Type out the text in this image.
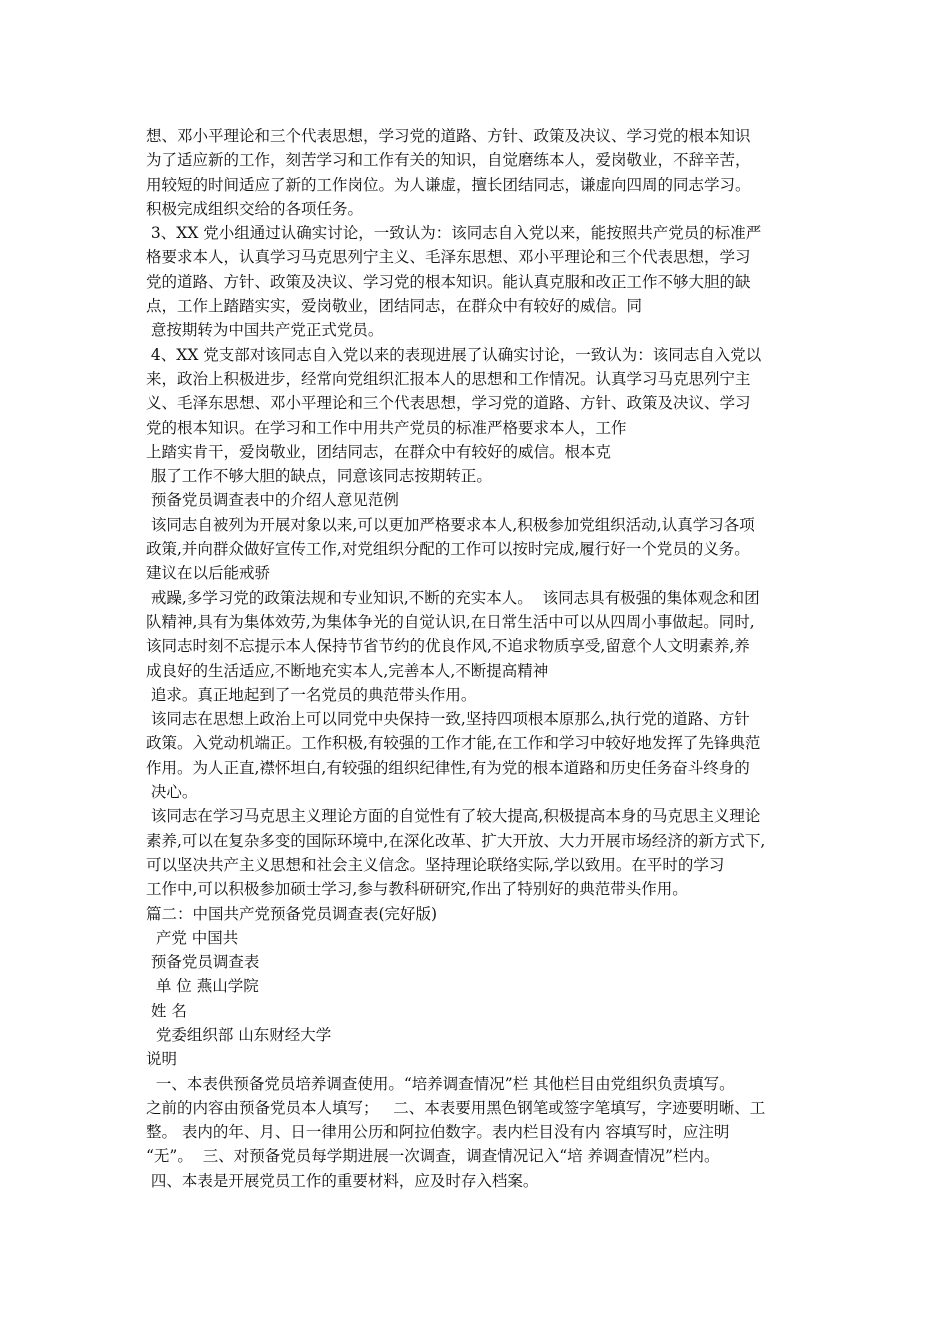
想、邓小平理论和三个代表思想，学习党的道路、方针、政策及决议、学习党的根本知识
为了适应新的工作，刻苦学习和工作有关的知识，自觉磨练本人，爱岗敬业，不辞辛苦，
用较短的时间适应了新的工作岗位。为人谦虚，擅长团结同志，谦虚向四周的同志学习。
积极完成组织交给的各项任务。
3、XX 党小组通过认确实讨论，一致认为：该同志自入党以来，能按照共产党员的标准严
格要求本人，认真学习马克思列宁主义、毛泽东思想、邓小平理论和三个代表思想，学习
党的道路、方针、政策及决议、学习党的根本知识。能认真克服和改正工作不够大胆的缺
点，工作上踏踏实实，爱岗敬业，团结同志，在群众中有较好的威信。同
意按期转为中国共产党正式党员。
4、XX 党支部对该同志自入党以来的表现进展了认确实讨论，一致认为：该同志自入党以
来，政治上积极进步，经常向党组织汇报本人的思想和工作情况。认真学习马克思列宁主
义、毛泽东思想、邓小平理论和三个代表思想，学习党的道路、方针、政策及决议、学习
党的根本知识。在学习和工作中用共产党员的标准严格要求本人，工作
上踏实肯干，爱岗敬业，团结同志，在群众中有较好的威信。根本克
服了工作不够大胆的缺点，同意该同志按期转正。
预备党员调查表中的介绍人意见范例
该同志自被列为开展对象以来,可以更加严格要求本人,积极参加党组织活动,认真学习各项
政策,并向群众做好宣传工作,对党组织分配的工作可以按时完成,履行好一个党员的义务。
建议在以后能戒骄
戒躁,多学习党的政策法规和专业知识,不断的充实本人。  该同志具有极强的集体观念和团
队精神,具有为集体效劳,为集体争光的自觉认识,在日常生活中可以从四周小事做起。同时,
该同志时刻不忘提示本人保持节省节约的优良作风,不追求物质享受,留意个人文明素养,养
成良好的生活适应,不断地充实本人,完善本人,不断提高精神
追求。真正地起到了一名党员的典范带头作用。
该同志在思想上政治上可以同党中央保持一致,坚持四项根本原那么,执行党的道路、方针
政策。入党动机端正。工作积极,有较强的工作才能,在工作和学习中较好地发挥了先锋典范
作用。为人正直,襟怀坦白,有较强的组织纪律性,有为党的根本道路和历史任务奋斗终身的
决心。
该同志在学习马克思主义理论方面的自觉性有了较大提高,积极提高本身的马克思主义理论
素养,可以在复杂多变的国际环境中,在深化改革、扩大开放、大力开展市场经济的新方式下,
可以坚决共产主义思想和社会主义信念。坚持理论联络实际,学以致用。在平时的学习
工作中,可以积极参加硕士学习,参与教科研研究,作出了特别好的典范带头作用。
篇二：中国共产党预备党员调查表(完好版)
产党 中国共
预备党员调查表
单 位 燕山学院
姓 名
党委组织部 山东财经大学
说明
一、本表供预备党员培养调查使用。“培养调查情况”栏 其他栏目由党组织负责填写。
之前的内容由预备党员本人填写；   二、本表要用黑色钢笔或签字笔填写，字迹要明晰、工
整。 表内的年、月、日一律用公历和阿拉伯数字。表内栏目没有内 容填写时，应注明
“无”。  三、对预备党员每学期进展一次调查，调查情况记入“培 养调查情况”栏内。
四、本表是开展党员工作的重要材料，应及时存入档案。
